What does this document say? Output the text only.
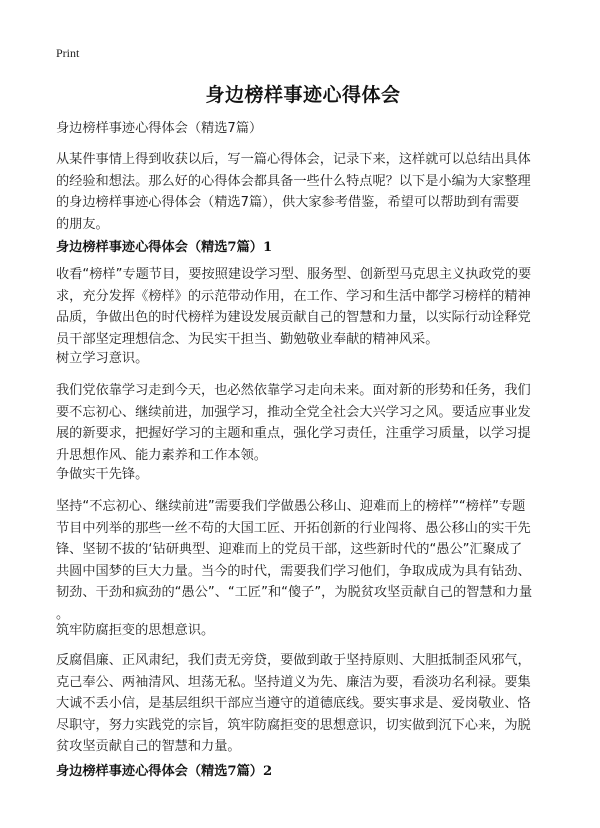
Print
身边榜样事迹心得体会
身边榜样事迹心得体会（精选7篇）
从某件事情上得到收获以后，写一篇心得体会，记录下来，这样就可以总结出具体
的经验和想法。那么好的心得体会都具备一些什么特点呢？以下是小编为大家整理
的身边榜样事迹心得体会（精选7篇），供大家参考借鉴，希望可以帮助到有需要
的朋友。
身边榜样事迹心得体会（精选7篇）1
收看“榜样”专题节目，要按照建设学习型、服务型、创新型马克思主义执政党的要
求，充分发挥《榜样》的示范带动作用，在工作、学习和生活中都学习榜样的精神
品质，争做出色的时代榜样为建设发展贡献自己的智慧和力量，以实际行动诠释党
员干部坚定理想信念、为民实干担当、勤勉敬业奉献的精神风采。
树立学习意识。
我们党依靠学习走到今天，也必然依靠学习走向未来。面对新的形势和任务，我们
要不忘初心、继续前进，加强学习，推动全党全社会大兴学习之风。要适应事业发
展的新要求，把握好学习的主题和重点，强化学习责任，注重学习质量，以学习提
升思想作风、能力素养和工作本领。
争做实干先锋。
坚持“不忘初心、继续前进”需要我们学做愚公移山、迎难而上的榜样”“榜样”专题
节目中列举的那些一丝不苟的大国工匠、开拓创新的行业闯将、愚公移山的实干先
锋、坚韧不拔的‘钻研典型、迎难而上的党员干部，这些新时代的“愚公”汇聚成了
共圆中国梦的巨大力量。当今的时代，需要我们学习他们，争取成成为具有钻劲、
韧劲、干劲和疯劲的“愚公”、“工匠”和“傻子”，为脱贫攻坚贡献自己的智慧和力量
。
筑牢防腐拒变的思想意识。
反腐倡廉、正风肃纪，我们责无旁贷，要做到敢于坚持原则、大胆抵制歪风邪气，
克己奉公、两袖清风、坦荡无私。坚持道义为先、廉洁为要，看淡功名利禄。要集
大诚不丢小信，是基层组织干部应当遵守的道德底线。要实事求是、爱岗敬业、恪
尽职守，努力实践党的宗旨，筑牢防腐拒变的思想意识，切实做到沉下心来，为脱
贫攻坚贡献自己的智慧和力量。
身边榜样事迹心得体会（精选7篇）2
